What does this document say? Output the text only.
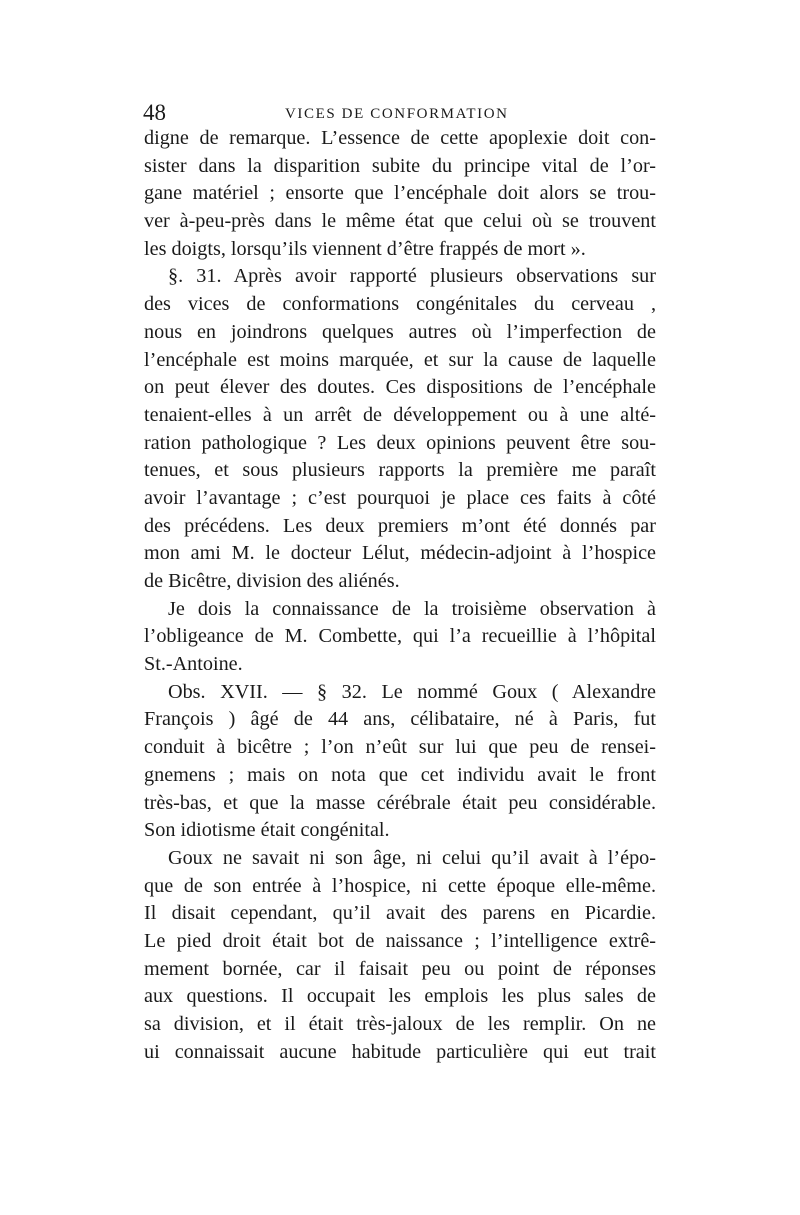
48	VICES DE CONFORMATION
digne de remarque. L’essence de cette apoplexie doit con-
sister dans la disparition subite du principe vital de l’or-
gane matériel ; ensorte que l’encéphale doit alors se trou-
ver à-peu-près dans le même état que celui où se trouvent
les doigts, lorsqu’ils viennent d’être frappés de mort ».
§. 31. Après avoir rapporté plusieurs observations sur
des vices de conformations congénitales du cerveau ,
nous en joindrons quelques autres où l’imperfection de
l’encéphale est moins marquée, et sur la cause de laquelle
on peut élever des doutes. Ces dispositions de l’encéphale
tenaient-elles à un arrêt de développement ou à une alté-
ration pathologique ? Les deux opinions peuvent être sou-
tenues, et sous plusieurs rapports la première me paraît
avoir l’avantage ; c’est pourquoi je place ces faits à côté
des précédens. Les deux premiers m’ont été donnés par
mon ami M. le docteur Lélut, médecin-adjoint à l’hospice
de Bicêtre, division des aliénés.
Je dois la connaissance de la troisième observation à
l’obligeance de M. Combette, qui l’a recueillie à l’hôpital
St.-Antoine.
Obs. XVII. — § 32. Le nommé Goux ( Alexandre
François ) âgé de 44 ans, célibataire, né à Paris, fut
conduit à bicêtre ; l’on n’eût sur lui que peu de rensei-
gnemens ; mais on nota que cet individu avait le front
très-bas, et que la masse cérébrale était peu considérable.
Son idiotisme était congénital.
Goux ne savait ni son âge, ni celui qu’il avait à l’épo-
que de son entrée à l’hospice, ni cette époque elle-même.
Il disait cependant, qu’il avait des parens en Picardie.
Le pied droit était bot de naissance ; l’intelligence extrê-
mement bornée, car il faisait peu ou point de réponses
aux questions. Il occupait les emplois les plus sales de
sa division, et il était très-jaloux de les remplir. On ne
ui connaissait aucune habitude particulière qui eut trait
